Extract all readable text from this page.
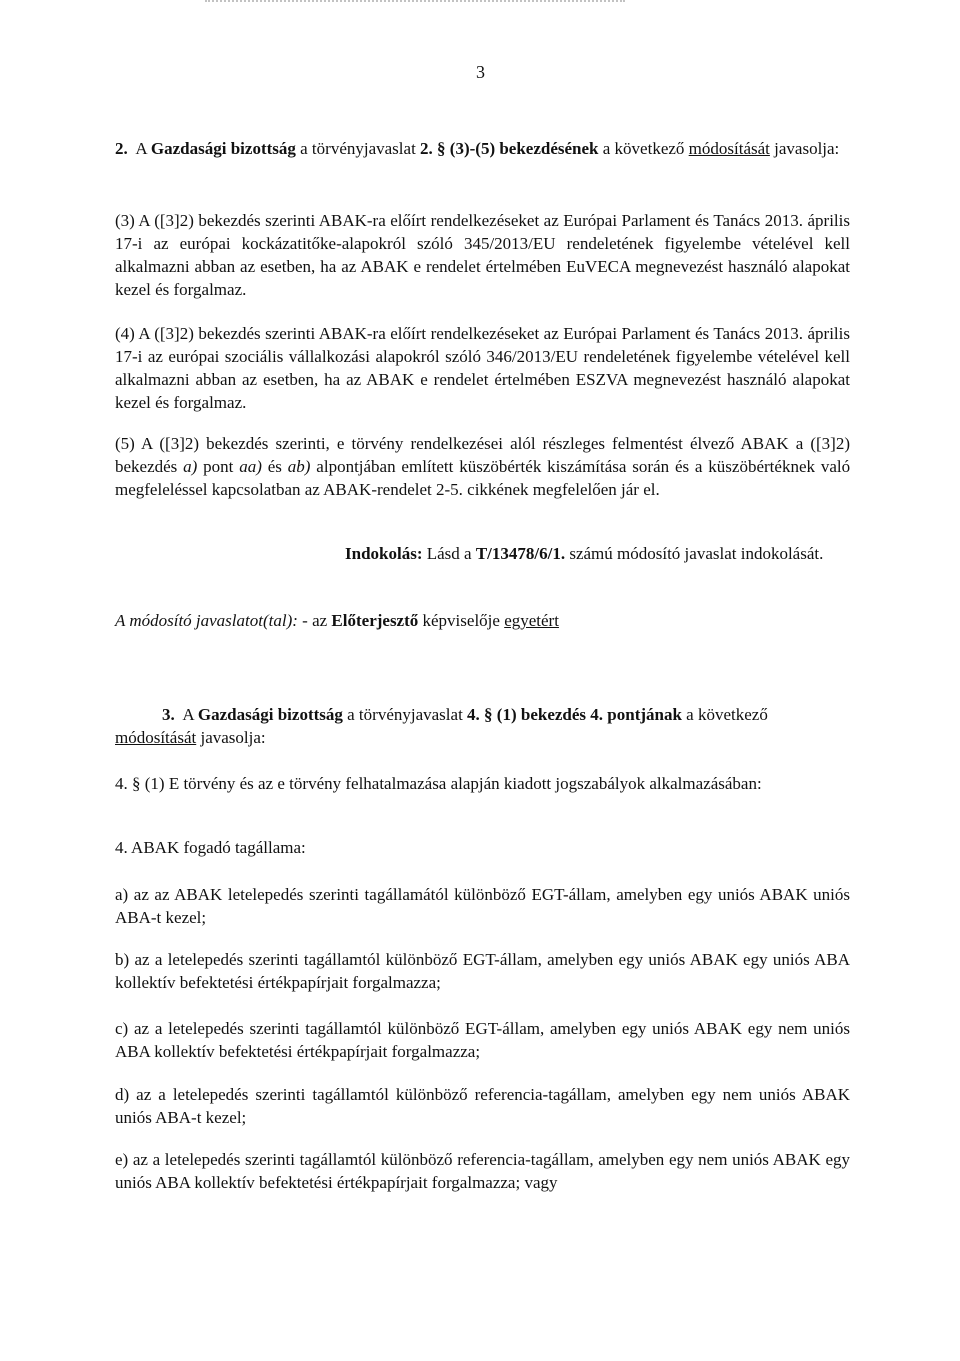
3

2. A Gazdasági bizottság a törvényjavaslat 2. § (3)-(5) bekezdésének a következő módosítását javasolja:

(3) A ([3]2) bekezdés szerinti ABAK-ra előírt rendelkezéseket az Európai Parlament és Tanács 2013. április 17-i az európai kockázatitőke-alapokról szóló 345/2013/EU rendeletének figyelembe vételével kell alkalmazni abban az esetben, ha az ABAK e rendelet értelmében EuVECA megnevezést használó alapokat kezel és forgalmaz.

(4) A ([3]2) bekezdés szerinti ABAK-ra előírt rendelkezéseket az Európai Parlament és Tanács 2013. április 17-i az európai szociális vállalkozási alapokról szóló 346/2013/EU rendeletének figyelembe vételével kell alkalmazni abban az esetben, ha az ABAK e rendelet értelmében ESZVA megnevezést használó alapokat kezel és forgalmaz.

(5) A ([3]2) bekezdés szerinti, e törvény rendelkezései alól részleges felmentést élvező ABAK a ([3]2) bekezdés a) pont aa) és ab) alpontjában említett küszöbérték kiszámítása során és a küszöbértéknek való megfeleléssel kapcsolatban az ABAK-rendelet 2-5. cikkének megfelelően jár el.

Indokolás: Lásd a T/13478/6/1. számú módosító javaslat indokolását.

A módosító javaslatot(tal): - az Előterjesztő képviselője egyetért

3. A Gazdasági bizottság a törvényjavaslat 4. § (1) bekezdés 4. pontjának a következő

módosítását javasolja:

4. § (1) E törvény és az e törvény felhatalmazása alapján kiadott jogszabályok alkalmazásában:

4. ABAK fogadó tagállama:

a) az az ABAK letelepedés szerinti tagállamától különböző EGT-állam, amelyben egy uniós ABAK uniós ABA-t kezel;

b) az a letelepedés szerinti tagállamtól különböző EGT-állam, amelyben egy uniós ABAK egy uniós ABA kollektív befektetési értékpapírjait forgalmazza;

c) az a letelepedés szerinti tagállamtól különböző EGT-állam, amelyben egy uniós ABAK egy nem uniós ABA kollektív befektetési értékpapírjait forgalmazza;

d) az a letelepedés szerinti tagállamtól különböző referencia-tagállam, amelyben egy nem uniós ABAK uniós ABA-t kezel;

e) az a letelepedés szerinti tagállamtól különböző referencia-tagállam, amelyben egy nem uniós ABAK egy uniós ABA kollektív befektetési értékpapírjait forgalmazza; vagy
